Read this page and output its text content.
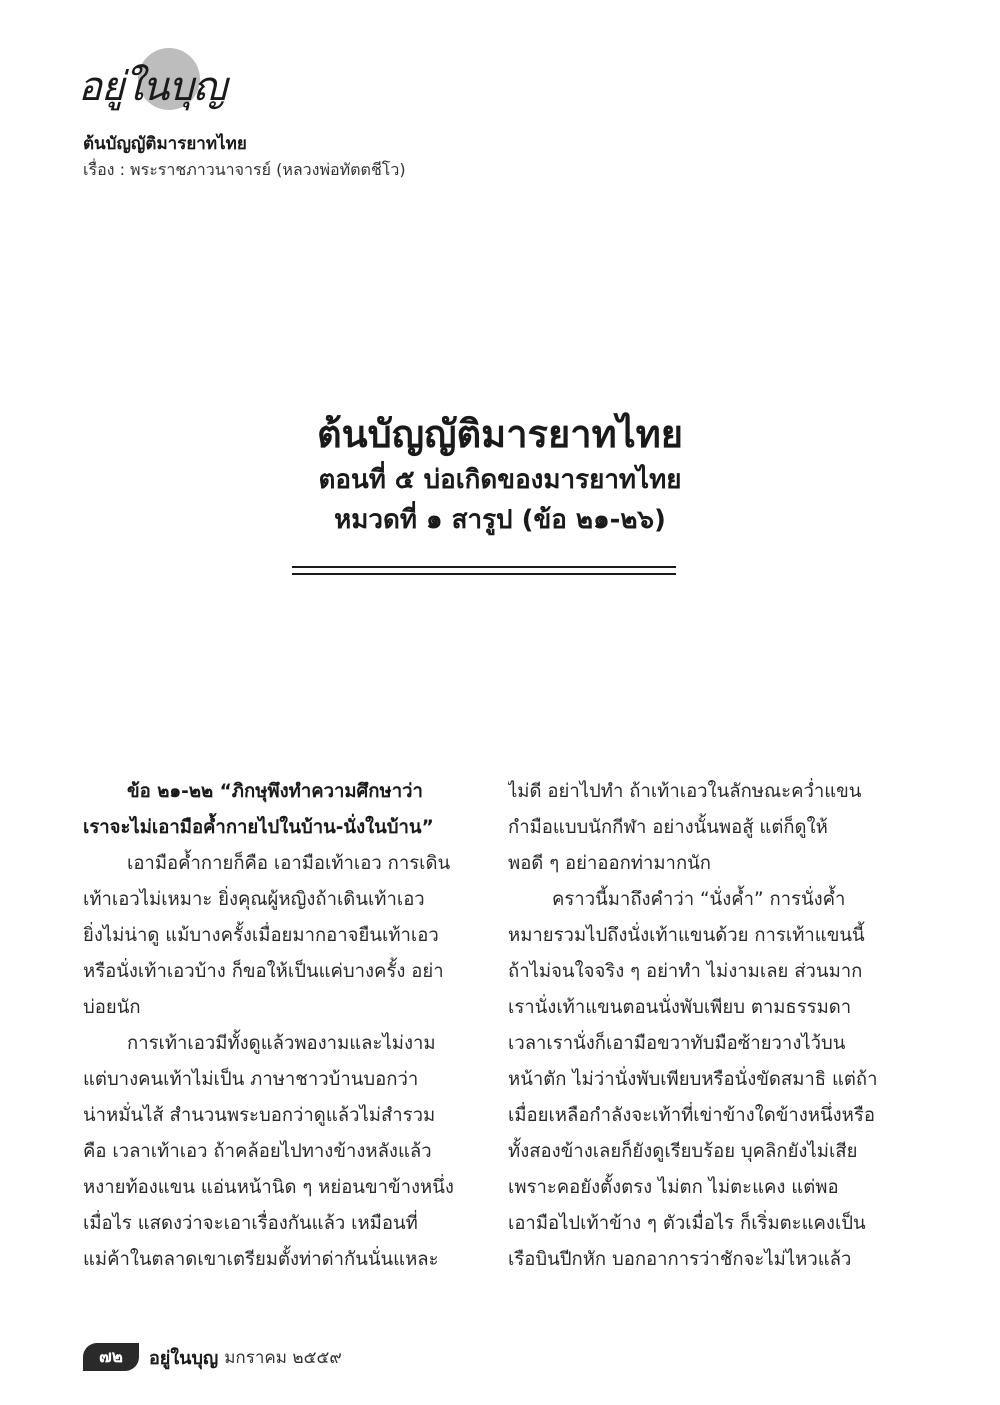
อยู่ในบุญ
ต้นบัญญัติมารยาทไทย
เรื่อง : พระราชภาวนาจารย์ (หลวงพ่อทัตตชีโว)
ต้นบัญญัติมารยาทไทย
ตอนที่ ๕ บ่อเกิดของมารยาทไทย
หมวดที่ ๑ สารูป (ข้อ ๒๑-๒๖)
ข้อ ๒๑-๒๒ “ภิกษุพึงทำความศึกษาว่า
เราจะไม่เอามือค้ำกายไปในบ้าน-นั่งในบ้าน”
เอามือค้ำกายก็คือ เอามือเท้าเอว การเดิน
เท้าเอวไม่เหมาะ ยิ่งคุณผู้หญิงถ้าเดินเท้าเอว
ยิ่งไม่น่าดู แม้บางครั้งเมื่อยมากอาจยืนเท้าเอว
หรือนั่งเท้าเอวบ้าง ก็ขอให้เป็นแค่บางครั้ง อย่า
บ่อยนัก
การเท้าเอวมีทั้งดูแล้วพองามและไม่งาม
แต่บางคนเท้าไม่เป็น ภาษาชาวบ้านบอกว่า
น่าหมั่นไส้ สำนวนพระบอกว่าดูแล้วไม่สำรวม
คือ เวลาเท้าเอว ถ้าคล้อยไปทางข้างหลังแล้ว
หงายท้องแขน แอ่นหน้านิด ๆ หย่อนขาข้างหนึ่ง
เมื่อไร แสดงว่าจะเอาเรื่องกันแล้ว เหมือนที่
แม่ค้าในตลาดเขาเตรียมตั้งท่าด่ากันนั่นแหละ
ไม่ดี อย่าไปทำ ถ้าเท้าเอวในลักษณะคว่ำแขน
กำมือแบบนักกีฬา อย่างนั้นพอสู้ แต่ก็ดูให้
พอดี ๆ อย่าออกท่ามากนัก
คราวนี้มาถึงคำว่า “นั่งค้ำ” การนั่งค้ำ
หมายรวมไปถึงนั่งเท้าแขนด้วย การเท้าแขนนี้
ถ้าไม่จนใจจริง ๆ อย่าทำ ไม่งามเลย ส่วนมาก
เรานั่งเท้าแขนตอนนั่งพับเพียบ ตามธรรมดา
เวลาเรานั่งก็เอามือขวาทับมือซ้ายวางไว้บน
หน้าตัก ไม่ว่านั่งพับเพียบหรือนั่งขัดสมาธิ แต่ถ้า
เมื่อยเหลือกำลังจะเท้าที่เข่าข้างใดข้างหนึ่งหรือ
ทั้งสองข้างเลยก็ยังดูเรียบร้อย บุคลิกยังไม่เสีย
เพราะคอยังตั้งตรง ไม่ตก ไม่ตะแคง แต่พอ
เอามือไปเท้าข้าง ๆ ตัวเมื่อไร ก็เริ่มตะแคงเป็น
เรือบินปีกหัก บอกอาการว่าชักจะไม่ไหวแล้ว
๗๒	อยู่ในบุญ มกราคม ๒๕๕๙
